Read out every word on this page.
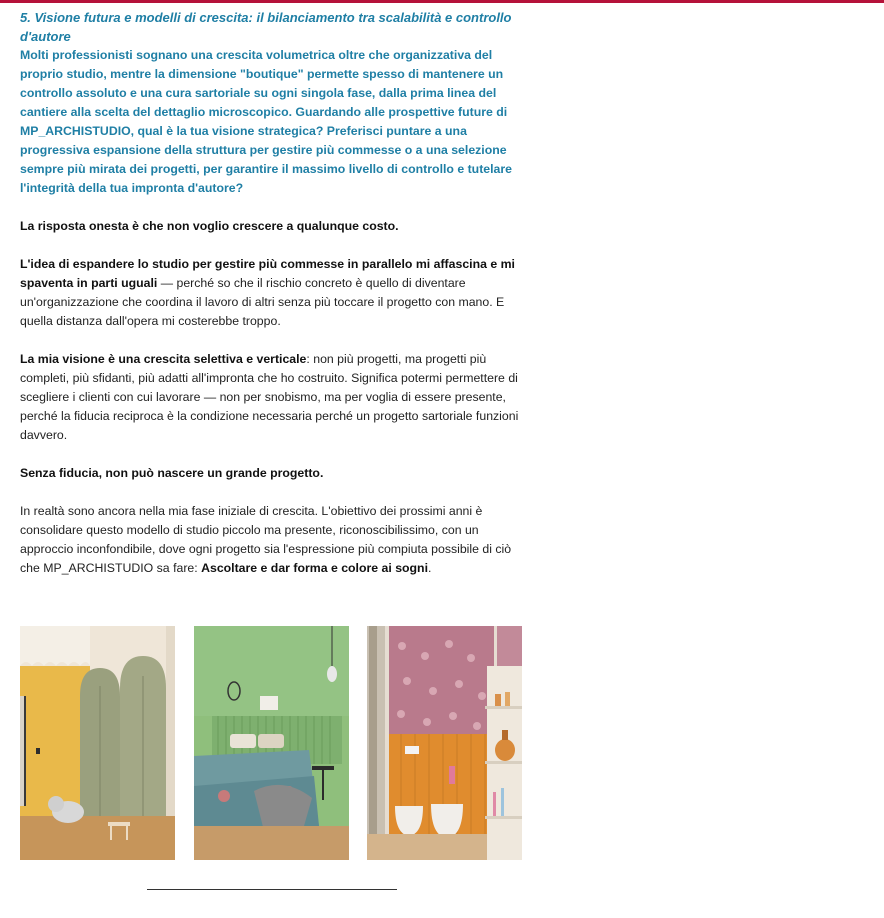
5. Visione futura e modelli di crescita: il bilanciamento tra scalabilità e controllo d'autore

Molti professionisti sognano una crescita volumetrica oltre che organizzativa del proprio studio, mentre la dimensione "boutique" permette spesso di mantenere un controllo assoluto e una cura sartoriale su ogni singola fase, dalla prima linea del cantiere alla scelta del dettaglio microscopico. Guardando alle prospettive future di MP_ARCHISTUDIO, qual è la tua visione strategica? Preferisci puntare a una progressiva espansione della struttura per gestire più commesse o a una selezione sempre più mirata dei progetti, per garantire il massimo livello di controllo e tutelare l'integrità della tua impronta d'autore?

La risposta onesta è che non voglio crescere a qualunque costo.

L'idea di espandere lo studio per gestire più commesse in parallelo mi affascina e mi spaventa in parti uguali — perché so che il rischio concreto è quello di diventare un'organizzazione che coordina il lavoro di altri senza più toccare il progetto con mano. E quella distanza dall'opera mi costerebbe troppo.

La mia visione è una crescita selettiva e verticale: non più progetti, ma progetti più completi, più sfidanti, più adatti all'impronta che ho costruito. Significa potermi permettere di scegliere i clienti con cui lavorare — non per snobismo, ma per voglia di essere presente, perché la fiducia reciproca è la condizione necessaria perché un progetto sartoriale funzioni davvero.

Senza fiducia, non può nascere un grande progetto.

In realtà sono ancora nella mia fase iniziale di crescita. L'obiettivo dei prossimi anni è consolidare questo modello di studio piccolo ma presente, riconoscibilissimo, con un approccio inconfondibile, dove ogni progetto sia l'espressione più compiuta possibile di ciò che MP_ARCHISTUDIO sa fare: Ascoltare e dar forma e colore ai sogni.
